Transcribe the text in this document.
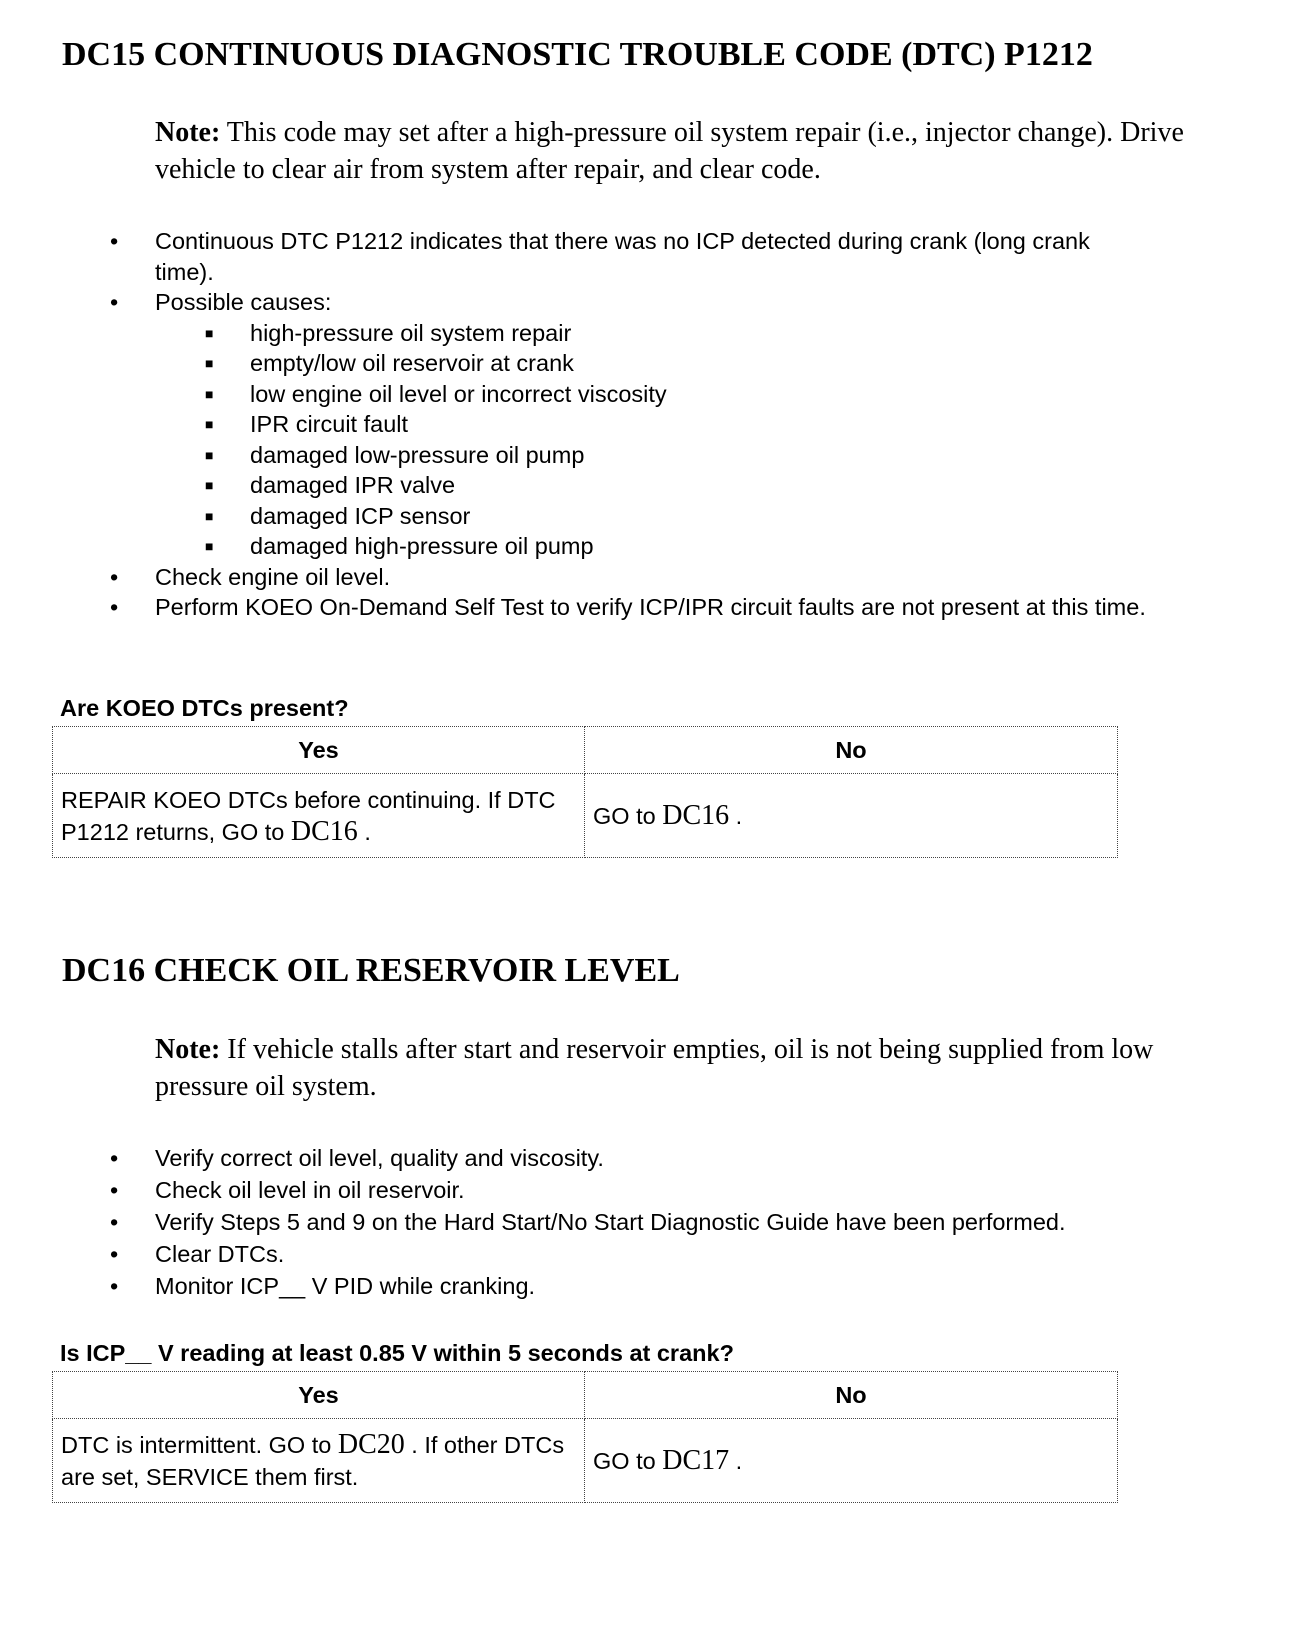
DC15 CONTINUOUS DIAGNOSTIC TROUBLE CODE (DTC) P1212
Note: This code may set after a high-pressure oil system repair (i.e., injector change). Drive vehicle to clear air from system after repair, and clear code.
• Continuous DTC P1212 indicates that there was no ICP detected during crank (long crank time).
• Possible causes:
■ high-pressure oil system repair
■ empty/low oil reservoir at crank
■ low engine oil level or incorrect viscosity
■ IPR circuit fault
■ damaged low-pressure oil pump
■ damaged IPR valve
■ damaged ICP sensor
■ damaged high-pressure oil pump
• Check engine oil level.
• Perform KOEO On-Demand Self Test to verify ICP/IPR circuit faults are not present at this time.
Are KOEO DTCs present?
Yes	No
REPAIR KOEO DTCs before continuing. If DTC P1212 returns, GO to DC16 .	GO to DC16 .
DC16 CHECK OIL RESERVOIR LEVEL
Note: If vehicle stalls after start and reservoir empties, oil is not being supplied from low pressure oil system.
• Verify correct oil level, quality and viscosity.
• Check oil level in oil reservoir.
• Verify Steps 5 and 9 on the Hard Start/No Start Diagnostic Guide have been performed.
• Clear DTCs.
• Monitor ICP__ V PID while cranking.
Is ICP__ V reading at least 0.85 V within 5 seconds at crank?
Yes	No
DTC is intermittent. GO to DC20 . If other DTCs are set, SERVICE them first.	GO to DC17 .
